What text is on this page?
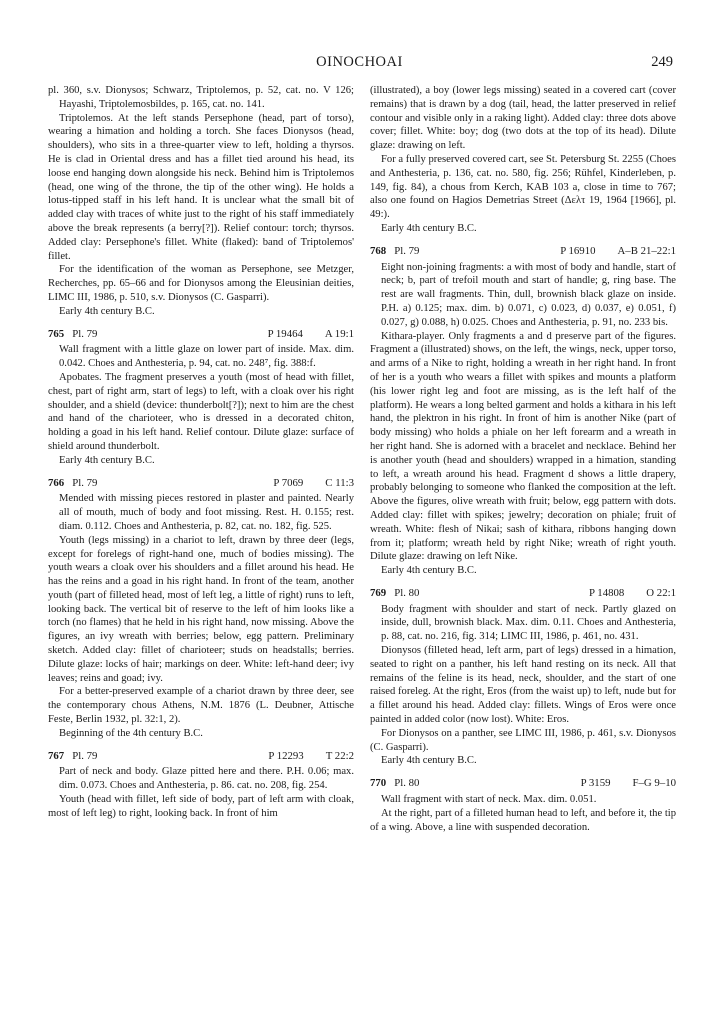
OINOCHOAI	249

pl. 360, s.v. Dionysos; Schwarz, Triptolemos, p. 52, cat. no. V 126; Hayashi, Triptolemosbildes, p. 165, cat. no. 141.

Triptolemos. At the left stands Persephone (head, part of torso), wearing a himation and holding a torch. She faces Dionysos (head, shoulders), who sits in a three-quarter view to left, holding a thyrsos. He is clad in Oriental dress and has a fillet tied around his head, its loose end hanging down alongside his neck. Behind him is Triptolemos (head, one wing of the throne, the tip of the other wing). He holds a lotus-tipped staff in his left hand. It is unclear what the small bit of added clay with traces of white just to the right of his staff immediately above the break represents (a berry[?]). Relief contour: torch; thyrsos. Added clay: Persephone's fillet. White (flaked): band of Triptolemos' fillet.

For the identification of the woman as Persephone, see Metzger, Recherches, pp. 65–66 and for Dionysos among the Eleusinian deities, LIMC III, 1986, p. 510, s.v. Dionysos (C. Gasparri).

Early 4th century B.C.

765 Pl. 79	P 19464 A 19:1

Wall fragment with a little glaze on lower part of inside. Max. dim. 0.042. Choes and Anthesteria, p. 94, cat. no. 248⁷, fig. 388:f.

Apobates. The fragment preserves a youth (most of head with fillet, chest, part of right arm, start of legs) to left, with a cloak over his right shoulder, and a shield (device: thunderbolt[?]); next to him are the chest and hand of the charioteer, who is dressed in a decorated chiton, holding a goad in his left hand. Relief contour. Dilute glaze: surface of shield around thunderbolt.

Early 4th century B.C.

766 Pl. 79	P 7069 C 11:3

Mended with missing pieces restored in plaster and painted. Nearly all of mouth, much of body and foot missing. Rest. H. 0.155; rest. diam. 0.112. Choes and Anthesteria, p. 82, cat. no. 182, fig. 525.

Youth (legs missing) in a chariot to left, drawn by three deer (legs, except for forelegs of right-hand one, much of bodies missing). The youth wears a cloak over his shoulders and a fillet around his head. He has the reins and a goad in his right hand. In front of the team, another youth (part of filleted head, most of left leg, a little of right) runs to left, looking back. The vertical bit of reserve to the left of him looks like a torch (no flames) that he held in his right hand, now missing. Above the figures, an ivy wreath with berries; below, egg pattern. Preliminary sketch. Added clay: fillet of charioteer; studs on headstalls; berries. Dilute glaze: locks of hair; markings on deer. White: left-hand deer; ivy leaves; reins and goad; ivy.

For a better-preserved example of a chariot drawn by three deer, see the contemporary chous Athens, N.M. 1876 (L. Deubner, Attische Feste, Berlin 1932, pl. 32:1, 2).

Beginning of the 4th century B.C.

767 Pl. 79	P 12293 T 22:2

Part of neck and body. Glaze pitted here and there. P.H. 0.06; max. dim. 0.073. Choes and Anthesteria, p. 86. cat. no. 208, fig. 254.

Youth (head with fillet, left side of body, part of left arm with cloak, most of left leg) to right, looking back. In front of him

(illustrated), a boy (lower legs missing) seated in a covered cart (cover remains) that is drawn by a dog (tail, head, the latter preserved in relief contour and visible only in a raking light). Added clay: three dots above cover; fillet. White: boy; dog (two dots at the top of its head). Dilute glaze: drawing on left.

For a fully preserved covered cart, see St. Petersburg St. 2255 (Choes and Anthesteria, p. 136, cat. no. 580, fig. 256; Rühfel, Kinderleben, p. 149, fig. 84), a chous from Kerch, KAB 103 a, close in time to 767; also one found on Hagios Demetrias Street (Δελτ 19, 1964 [1966], pl. 49:).

Early 4th century B.C.

768 Pl. 79	P 16910 A–B 21–22:1

Eight non-joining fragments: a with most of body and handle, start of neck; b, part of trefoil mouth and start of handle; g, ring base. The rest are wall fragments. Thin, dull, brownish black glaze on inside. P.H. a) 0.125; max. dim. b) 0.071, c) 0.023, d) 0.037, e) 0.051, f) 0.027, g) 0.088, h) 0.025. Choes and Anthesteria, p. 91, no. 233 bis.

Kithara-player. Only fragments a and d preserve part of the figures. Fragment a (illustrated) shows, on the left, the wings, neck, upper torso, and arms of a Nike to right, holding a wreath in her right hand. In front of her is a youth who wears a fillet with spikes and mounts a platform (his lower right leg and foot are missing, as is the left half of the platform). He wears a long belted garment and holds a kithara in his left hand, the plektron in his right. In front of him is another Nike (part of body missing) who holds a phiale on her left forearm and a wreath in her right hand. She is adorned with a bracelet and necklace. Behind her is another youth (head and shoulders) wrapped in a himation, standing to left, a wreath around his head. Fragment d shows a little drapery, probably belonging to someone who flanked the composition at the left. Above the figures, olive wreath with fruit; below, egg pattern with dots. Added clay: fillet with spikes; jewelry; decoration on phiale; fruit of wreath. White: flesh of Nikai; sash of kithara, ribbons hanging down from it; platform; wreath held by right Nike; wreath of right youth. Dilute glaze: drawing on left Nike.

Early 4th century B.C.

769 Pl. 80	P 14808 O 22:1

Body fragment with shoulder and start of neck. Partly glazed on inside, dull, brownish black. Max. dim. 0.11. Choes and Anthesteria, p. 88, cat. no. 216, fig. 314; LIMC III, 1986, p. 461, no. 431.

Dionysos (filleted head, left arm, part of legs) dressed in a himation, seated to right on a panther, his left hand resting on its neck. All that remains of the feline is its head, neck, shoulder, and the start of one raised foreleg. At the right, Eros (from the waist up) to left, nude but for a fillet around his head. Added clay: fillets. Wings of Eros were once painted in added color (now lost). White: Eros.

For Dionysos on a panther, see LIMC III, 1986, p. 461, s.v. Dionysos (C. Gasparri).

Early 4th century B.C.

770 Pl. 80	P 3159 F–G 9–10

Wall fragment with start of neck. Max. dim. 0.051.

At the right, part of a filleted human head to left, and before it, the tip of a wing. Above, a line with suspended decoration.
